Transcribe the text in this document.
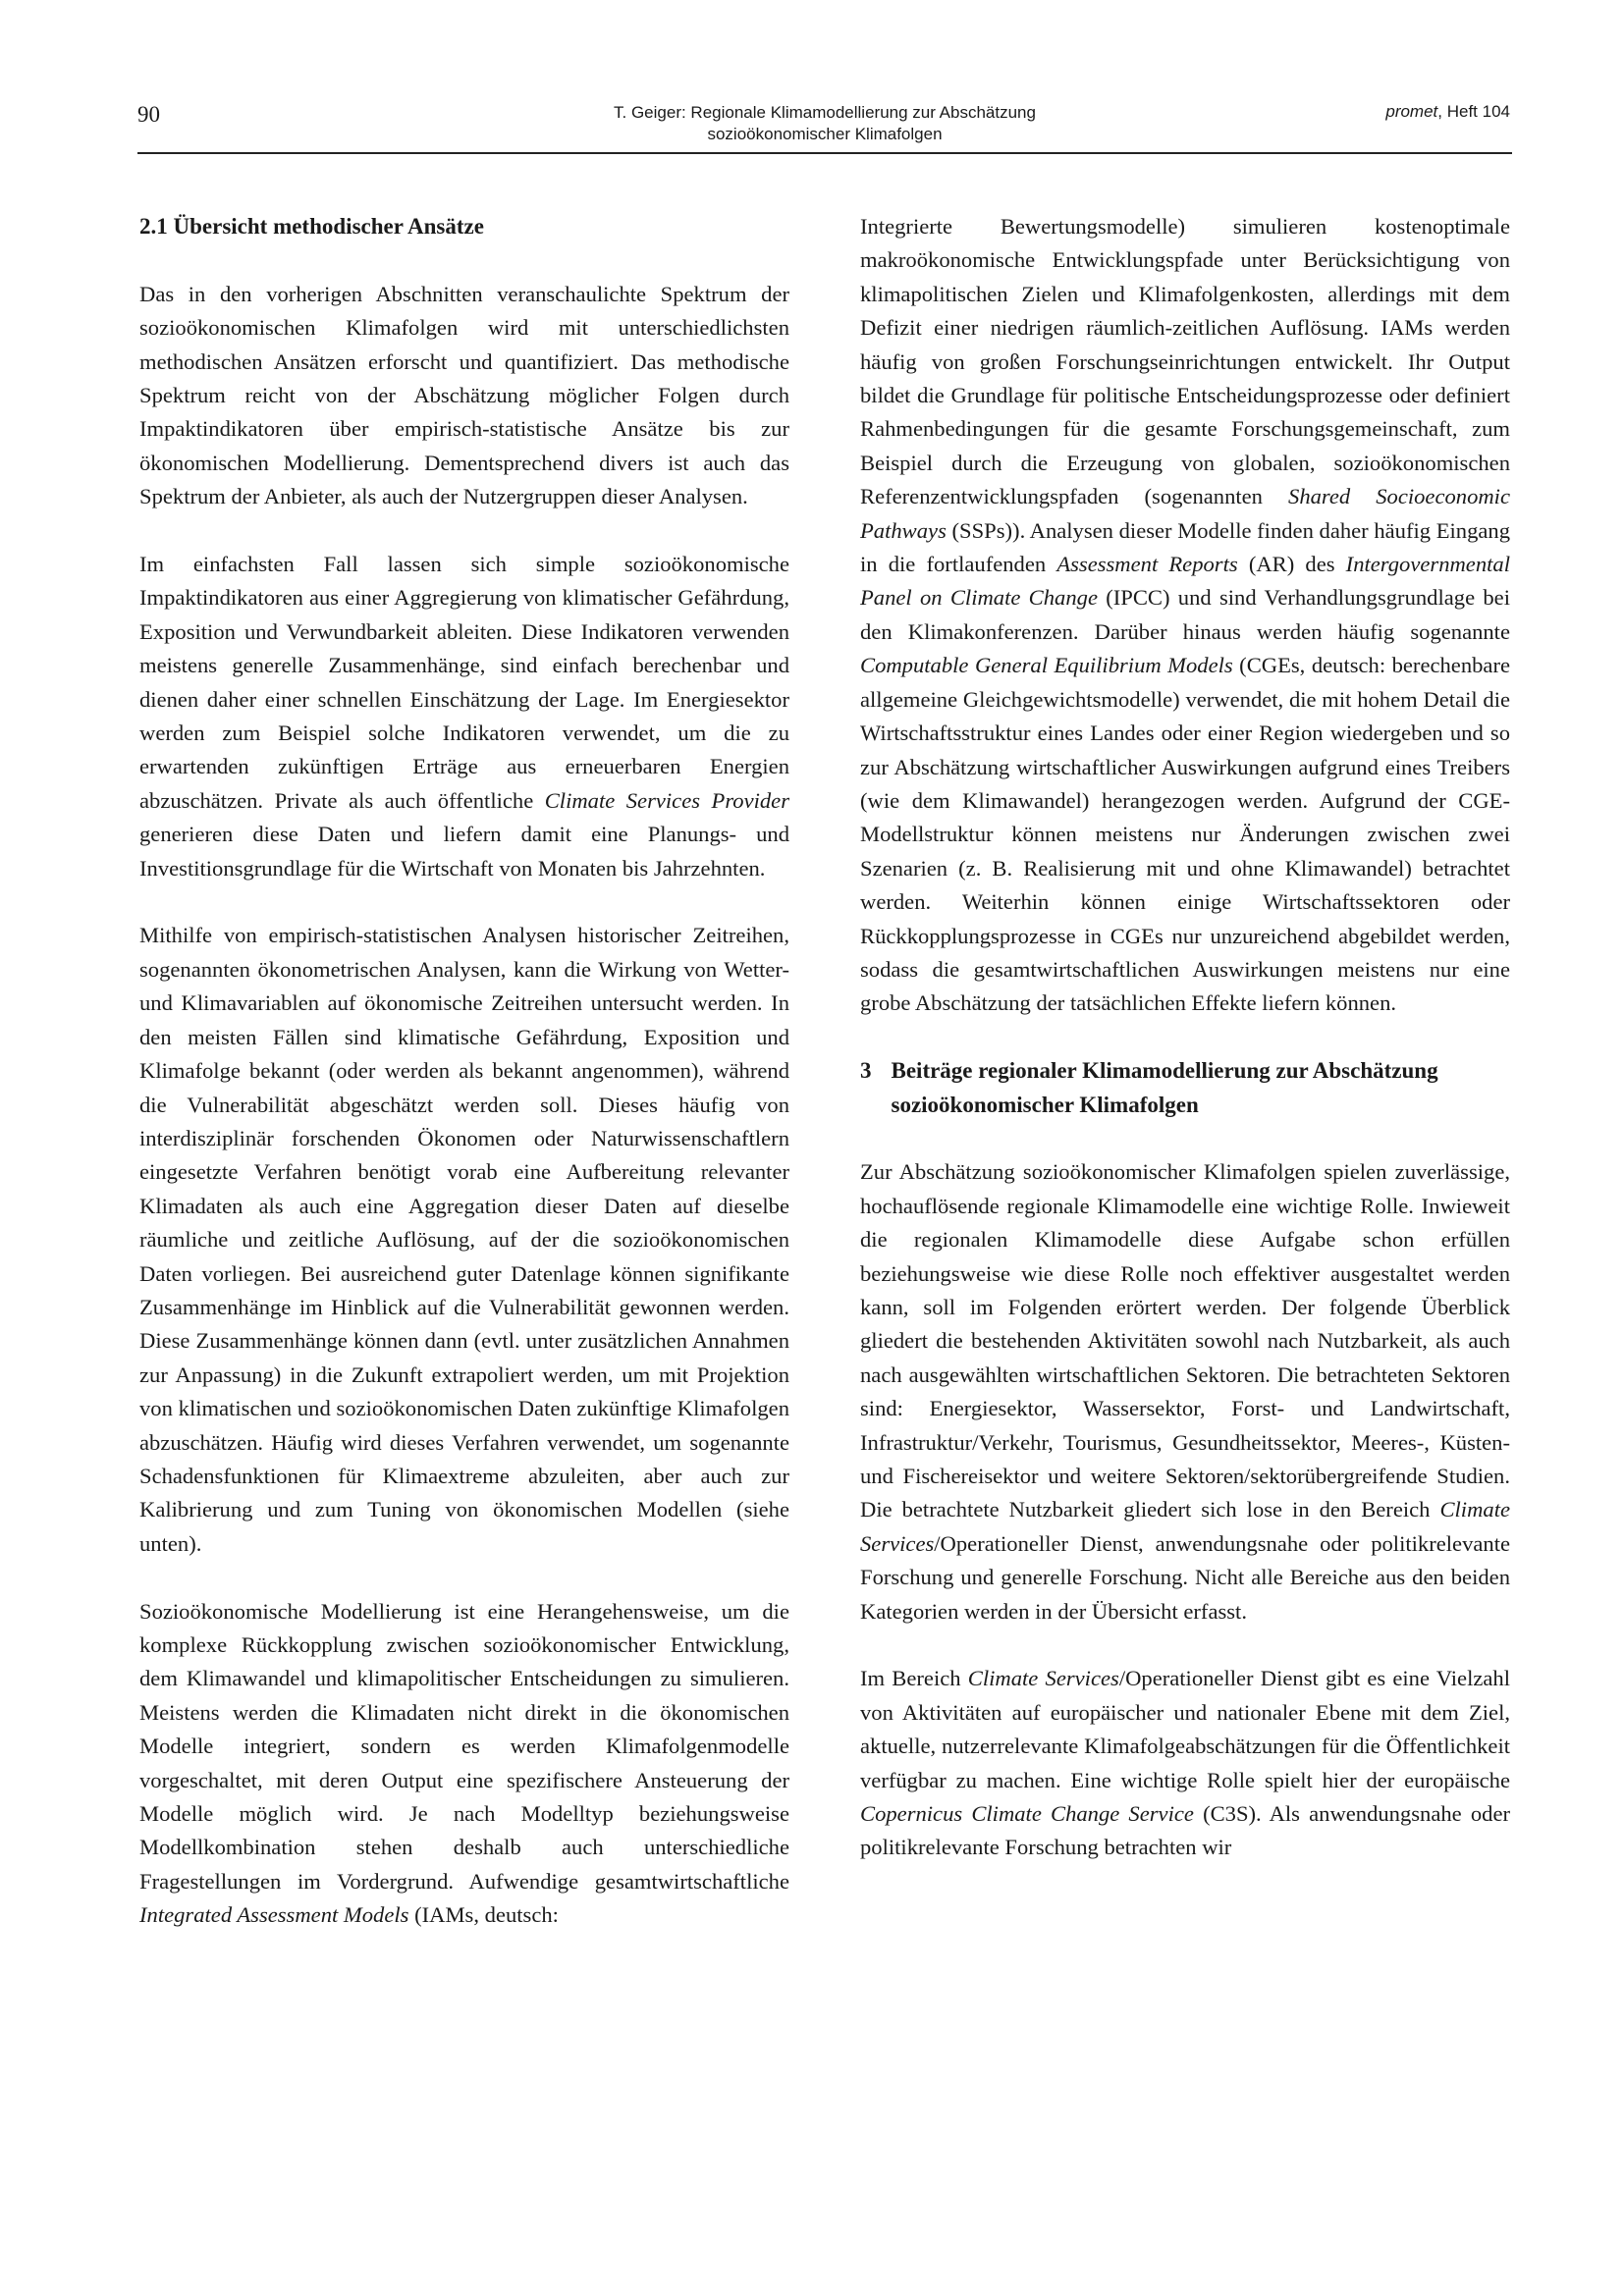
90	T. Geiger: Regionale Klimamodellierung zur Abschätzung
sozioökonomischer Klimafolgen
promet, Heft 104
2.1 Übersicht methodischer Ansätze

Das in den vorherigen Abschnitten veranschaulichte Spektrum der sozioökonomischen Klimafolgen wird mit unterschiedlichsten methodischen Ansätzen erforscht und quantifiziert. Das methodische Spektrum reicht von der Abschätzung möglicher Folgen durch Impaktindikatoren über empirisch-statistische Ansätze bis zur ökonomischen Modellierung. Dementsprechend divers ist auch das Spektrum der Anbieter, als auch der Nutzergruppen dieser Analysen.

Im einfachsten Fall lassen sich simple sozioökonomische Impaktindikatoren aus einer Aggregierung von klimatischer Gefährdung, Exposition und Verwundbarkeit ableiten. Diese Indikatoren verwenden meistens generelle Zusammenhänge, sind einfach berechenbar und dienen daher einer schnellen Einschätzung der Lage. Im Energiesektor werden zum Beispiel solche Indikatoren verwendet, um die zu erwartenden zukünftigen Erträge aus erneuerbaren Energien abzuschätzen. Private als auch öffentliche Climate Services Provider generieren diese Daten und liefern damit eine Planungs- und Investitionsgrundlage für die Wirtschaft von Monaten bis Jahrzehnten.

Mithilfe von empirisch-statistischen Analysen historischer Zeitreihen, sogenannten ökonometrischen Analysen, kann die Wirkung von Wetter- und Klimavariablen auf ökonomische Zeitreihen untersucht werden. In den meisten Fällen sind klimatische Gefährdung, Exposition und Klimafolge bekannt (oder werden als bekannt angenommen), während die Vulnerabilität abgeschätzt werden soll. Dieses häufig von interdisziplinär forschenden Ökonomen oder Naturwissenschaftlern eingesetzte Verfahren benötigt vorab eine Aufbereitung relevanter Klimadaten als auch eine Aggregation dieser Daten auf dieselbe räumliche und zeitliche Auflösung, auf der die sozioökonomischen Daten vorliegen. Bei ausreichend guter Datenlage können signifikante Zusammenhänge im Hinblick auf die Vulnerabilität gewonnen werden. Diese Zusammenhänge können dann (evtl. unter zusätzlichen Annahmen zur Anpassung) in die Zukunft extrapoliert werden, um mit Projektion von klimatischen und sozioökonomischen Daten zukünftige Klimafolgen abzuschätzen. Häufig wird dieses Verfahren verwendet, um sogenannte Schadensfunktionen für Klimaextreme abzuleiten, aber auch zur Kalibrierung und zum Tuning von ökonomischen Modellen (siehe unten).

Sozioökonomische Modellierung ist eine Herangehensweise, um die komplexe Rückkopplung zwischen sozioökonomischer Entwicklung, dem Klimawandel und klimapolitischer Entscheidungen zu simulieren. Meistens werden die Klimadaten nicht direkt in die ökonomischen Modelle integriert, sondern es werden Klimafolgenmodelle vorgeschaltet, mit deren Output eine spezifischere Ansteuerung der Modelle möglich wird. Je nach Modelltyp beziehungsweise Modellkombination stehen deshalb auch unterschiedliche Fragestellungen im Vordergrund. Aufwendige gesamtwirtschaftliche Integrated Assessment Models (IAMs, deutsch:

Integrierte Bewertungsmodelle) simulieren kostenoptimale makroökonomische Entwicklungspfade unter Berücksichtigung von klimapolitischen Zielen und Klimafolgenkosten, allerdings mit dem Defizit einer niedrigen räumlich-zeitlichen Auflösung. IAMs werden häufig von großen Forschungseinrichtungen entwickelt. Ihr Output bildet die Grundlage für politische Entscheidungsprozesse oder definiert Rahmenbedingungen für die gesamte Forschungsgemeinschaft, zum Beispiel durch die Erzeugung von globalen, sozioökonomischen Referenzentwicklungspfaden (sogenannten Shared Socioeconomic Pathways (SSPs)). Analysen dieser Modelle finden daher häufig Eingang in die fortlaufenden Assessment Reports (AR) des Intergovernmental Panel on Climate Change (IPCC) und sind Verhandlungsgrundlage bei den Klimakonferenzen. Darüber hinaus werden häufig sogenannte Computable General Equilibrium Models (CGEs, deutsch: berechenbare allgemeine Gleichgewichtsmodelle) verwendet, die mit hohem Detail die Wirtschaftsstruktur eines Landes oder einer Region wiedergeben und so zur Abschätzung wirtschaftlicher Auswirkungen aufgrund eines Treibers (wie dem Klimawandel) herangezogen werden. Aufgrund der CGE-Modellstruktur können meistens nur Änderungen zwischen zwei Szenarien (z. B. Realisierung mit und ohne Klimawandel) betrachtet werden. Weiterhin können einige Wirtschaftssektoren oder Rückkopplungsprozesse in CGEs nur unzureichend abgebildet werden, sodass die gesamtwirtschaftlichen Auswirkungen meistens nur eine grobe Abschätzung der tatsächlichen Effekte liefern können.

3 Beiträge regionaler Klimamodellierung zur Abschätzung sozioökonomischer Klimafolgen

Zur Abschätzung sozioökonomischer Klimafolgen spielen zuverlässige, hochauflösende regionale Klimamodelle eine wichtige Rolle. Inwieweit die regionalen Klimamodelle diese Aufgabe schon erfüllen beziehungsweise wie diese Rolle noch effektiver ausgestaltet werden kann, soll im Folgenden erörtert werden. Der folgende Überblick gliedert die bestehenden Aktivitäten sowohl nach Nutzbarkeit, als auch nach ausgewählten wirtschaftlichen Sektoren. Die betrachteten Sektoren sind: Energiesektor, Wassersektor, Forst- und Landwirtschaft, Infrastruktur/Verkehr, Tourismus, Gesundheitssektor, Meeres-, Küsten- und Fischereisektor und weitere Sektoren/sektorübergreifende Studien. Die betrachtete Nutzbarkeit gliedert sich lose in den Bereich Climate Services/Operationeller Dienst, anwendungsnahe oder politikrelevante Forschung und generelle Forschung. Nicht alle Bereiche aus den beiden Kategorien werden in der Übersicht erfasst.

Im Bereich Climate Services/Operationeller Dienst gibt es eine Vielzahl von Aktivitäten auf europäischer und nationaler Ebene mit dem Ziel, aktuelle, nutzerrelevante Klimafolgeabschätzungen für die Öffentlichkeit verfügbar zu machen. Eine wichtige Rolle spielt hier der europäische Copernicus Climate Change Service (C3S). Als anwendungsnahe oder politikrelevante Forschung betrachten wir
